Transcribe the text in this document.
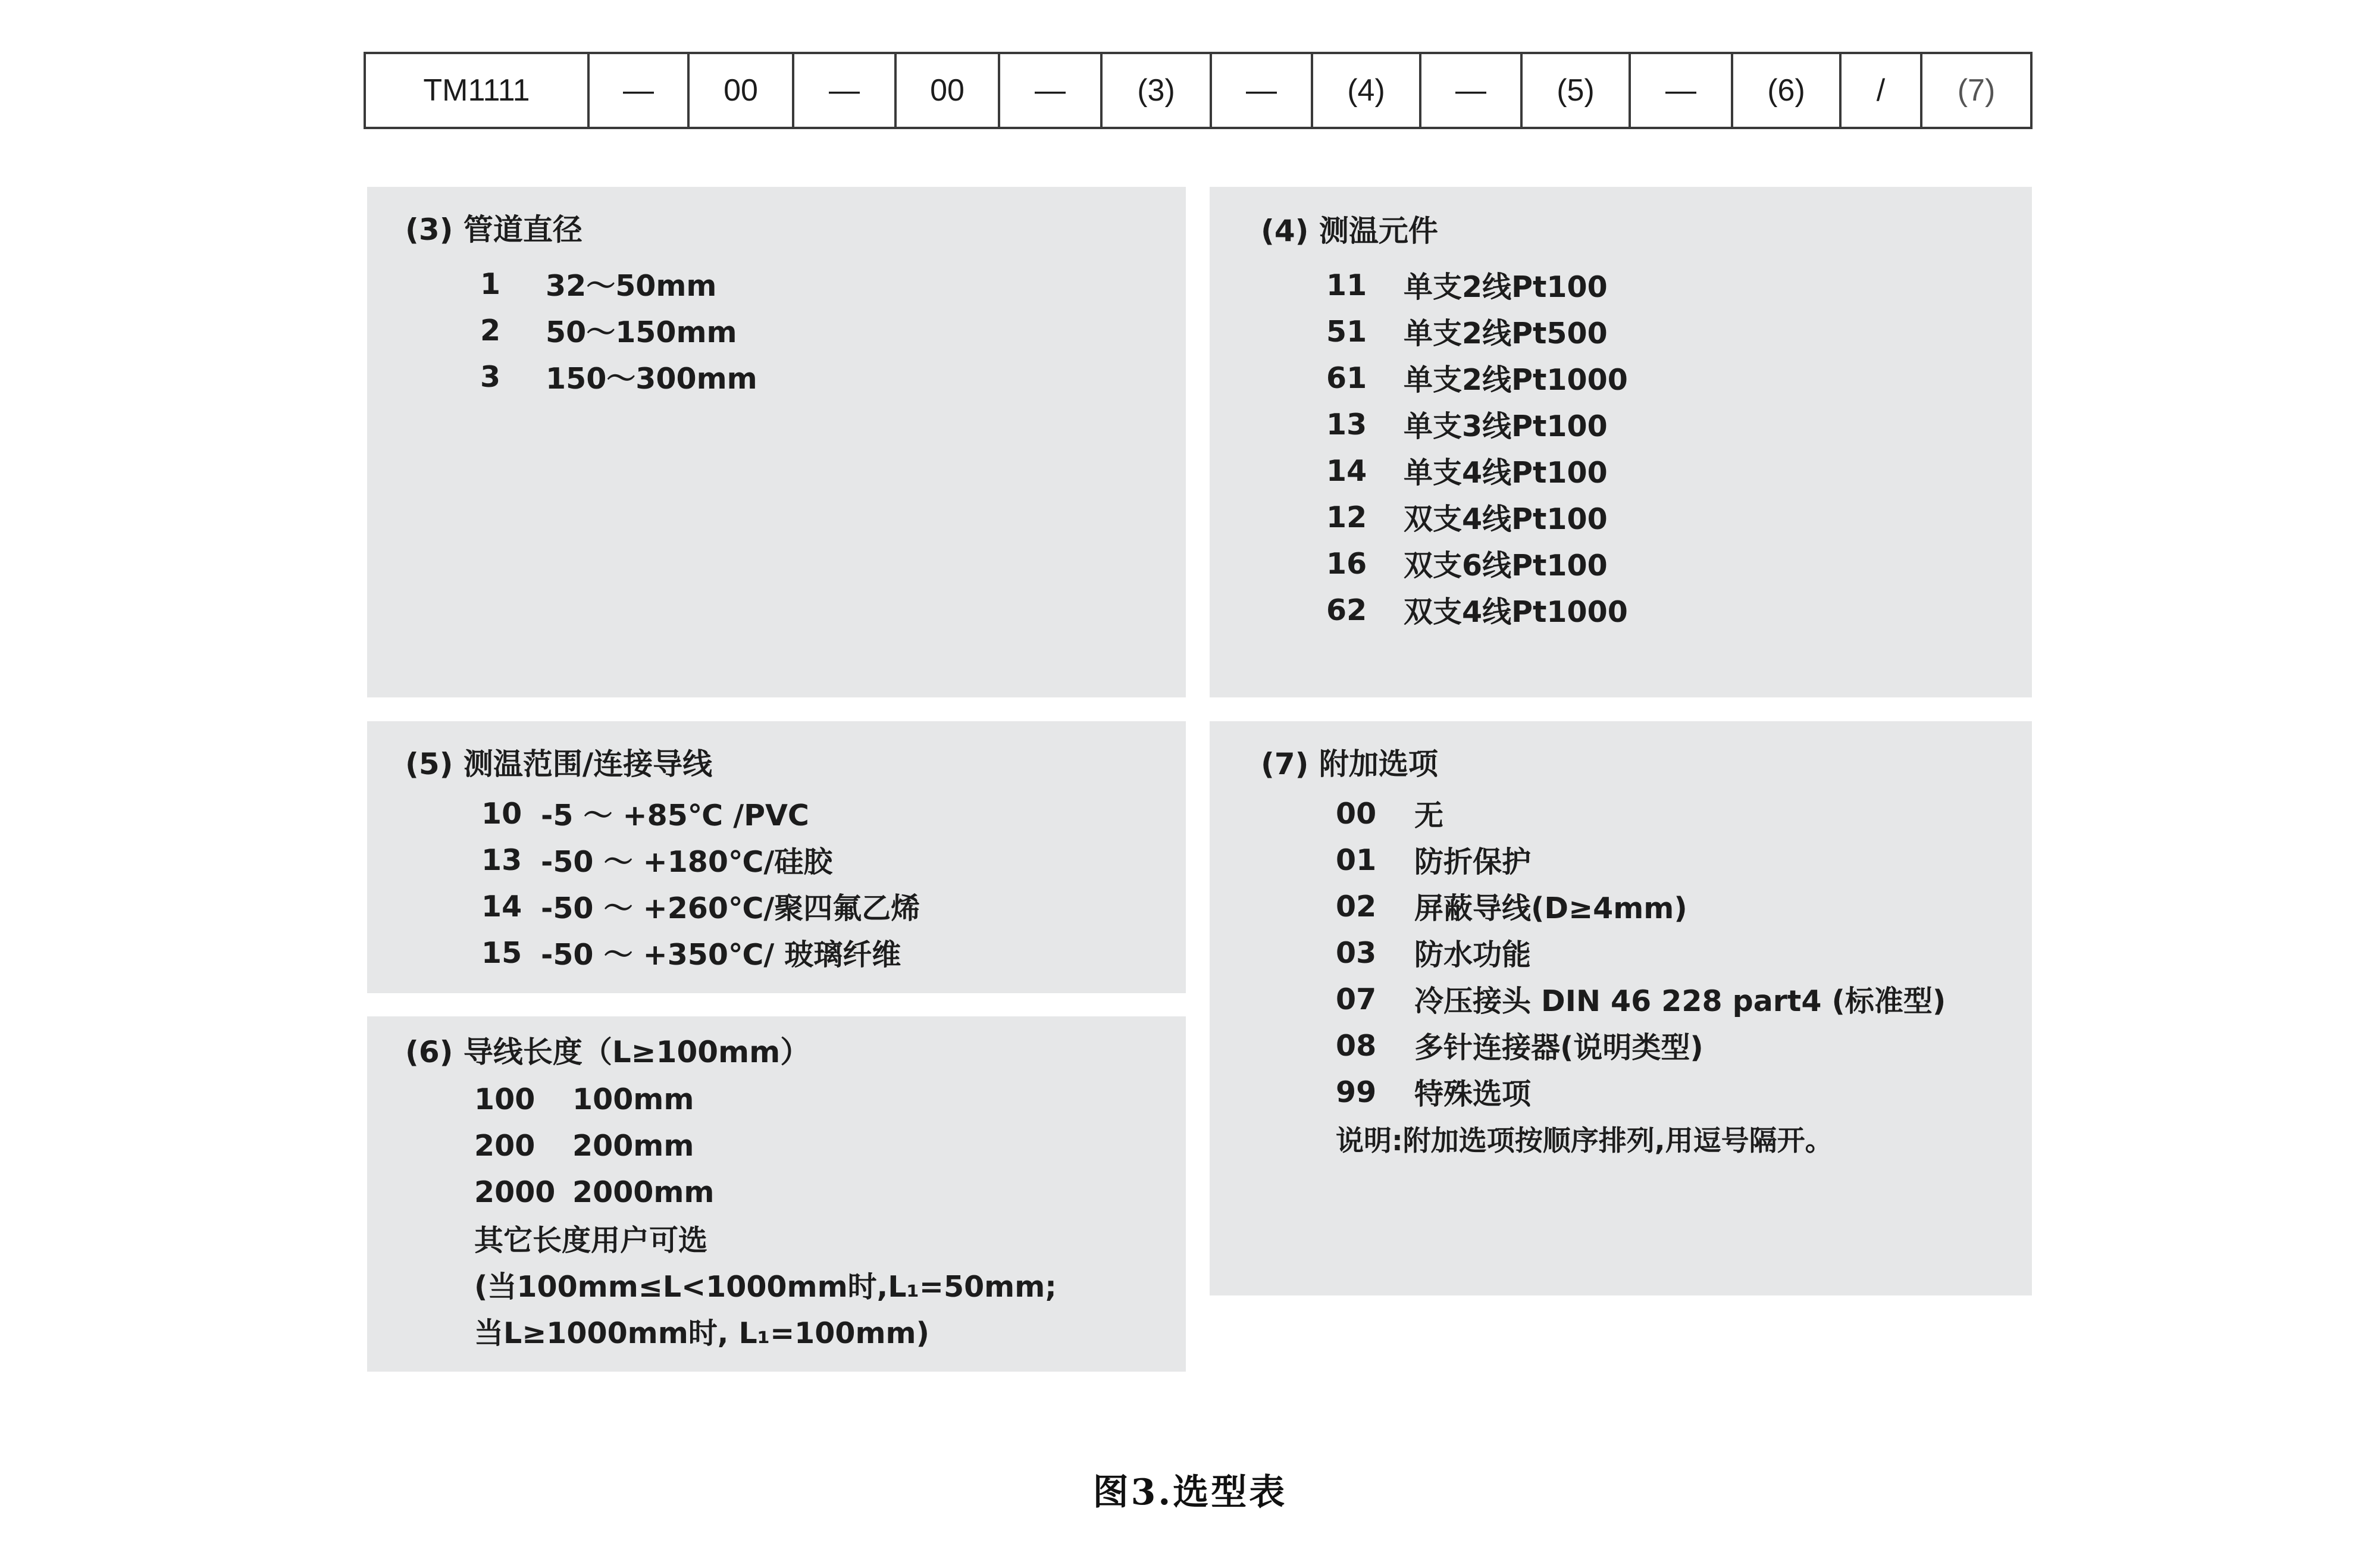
TM1111	—	00	—	00	—	(3)	—	(4)	—	(5)	—	(6)	/	(7)
(3) 管道直径
1	32～50mm
2	50～150mm
3	150～300mm
(4) 测温元件
11	单支2线Pt100
51	单支2线Pt500
61	单支2线Pt1000
13	单支3线Pt100
14	单支4线Pt100
12	双支4线Pt100
16	双支6线Pt100
62	双支4线Pt1000
(5) 测温范围/连接导线
10 -5 ～ +85℃ /PVC
13 -50 ～ +180℃/硅胶
14 -50 ～ +260℃/聚四氟乙烯
15 -50 ～ +350℃/ 玻璃纤维
(6) 导线长度（L≥100mm）
100	100mm
200	200mm
2000 2000mm
其它长度用户可选
(当100mm≤L<1000mm时,L₁=50mm;
当L≥1000mm时, L₁=100mm)
(7) 附加选项
00	无
01	防折保护
02	屏蔽导线(D≥4mm)
03	防水功能
07	冷压接头 DIN 46 228 part4 (标准型)
08	多针连接器(说明类型)
99	特殊选项
说明:附加选项按顺序排列,用逗号隔开。
图3.选型表
